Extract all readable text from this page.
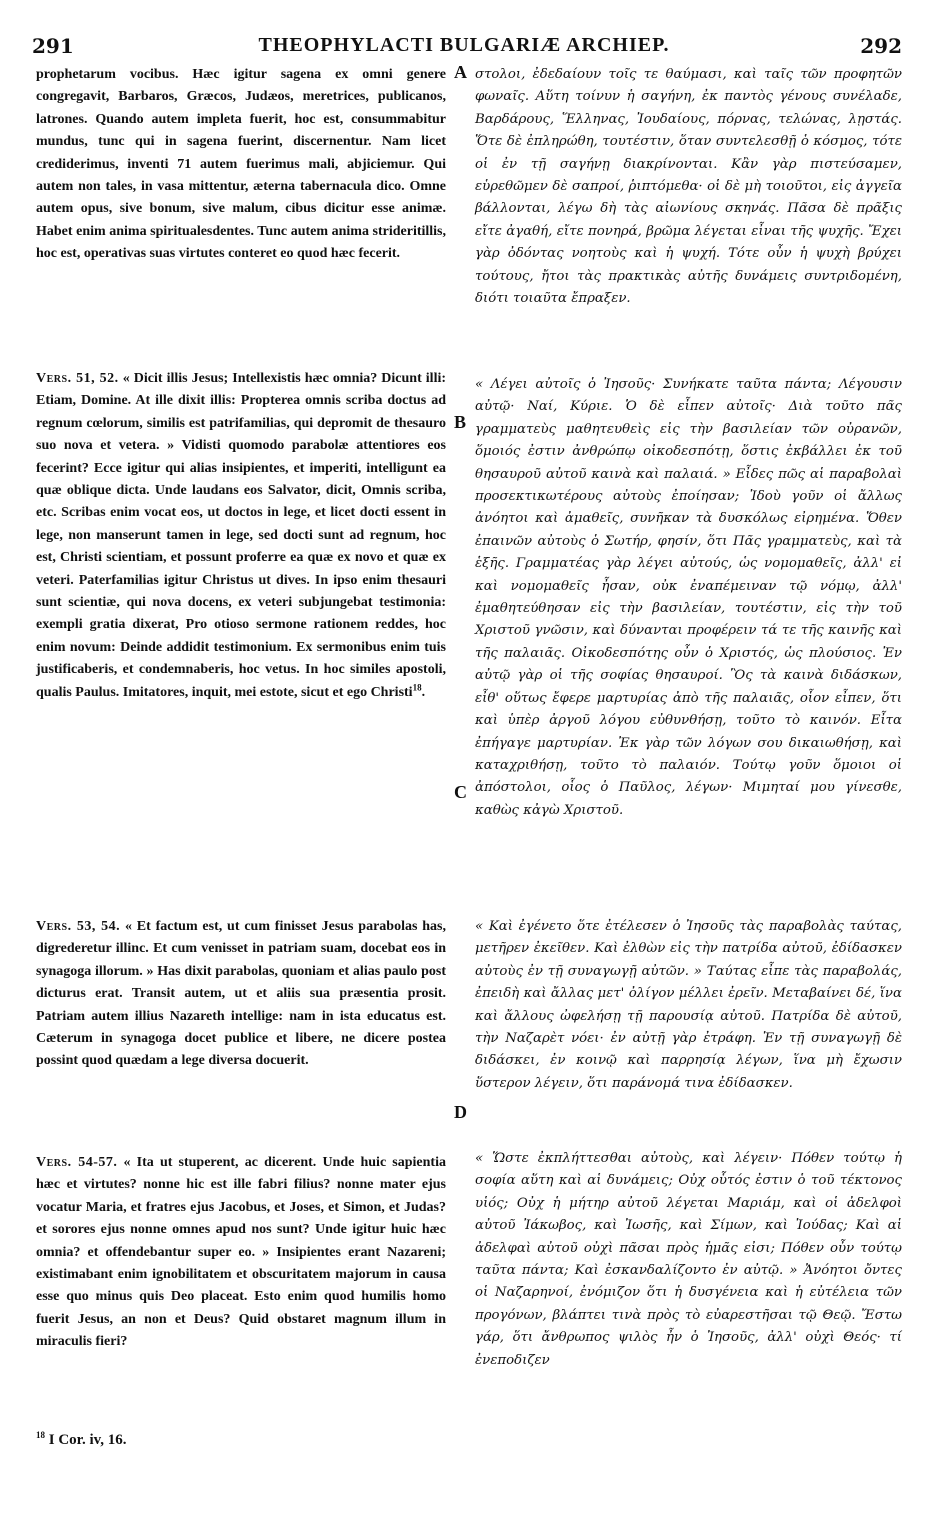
291	THEOPHYLACTI BULGARIÆ ARCHIEP.	292

prophetarum vocibus. Hæc igitur sagena ex omni genere congregavit, Barbaros, Græcos, Judæos, meretrices, publicanos, latrones. Quando autem impleta fuerit, hoc est, consummabitur mundus, tunc qui in sagena fuerint, discernentur. Nam licet crediderimus, inventi 71 autem fuerimus mali, abjiciemur. Qui autem non tales, in vasa mittentur, æterna tabernacula dico. Omne autem opus, sive bonum, sive malum, cibus dicitur esse animæ. Habet enim anima spiritualesdentes. Tunc autem anima strideritillis, hoc est, operativas suas virtutes conteret eo quod hæc fecerit.

Vers. 51, 52. « Dicit illis Jesus; Intellexistis hæc omnia? Dicunt illi: Etiam, Domine. At ille dixit illis: Propterea omnis scriba doctus ad regnum cœlorum, similis est patrifamilias, qui depromit de thesauro suo nova et vetera. » Vidisti quomodo parabolæ attentiores eos fecerint? Ecce igitur qui alias insipientes, et imperiti, intelligunt ea quæ oblique dicta. Unde laudans eos Salvator, dicit, Omnis scriba, etc. Scribas enim vocat eos, ut doctos in lege, et licet docti essent in lege, non manserunt tamen in lege, sed docti sunt ad regnum, hoc est, Christi scientiam, et possunt proferre ea quæ ex novo et quæ ex veteri. Paterfamilias igitur Christus ut dives. In ipso enim thesauri sunt scientiæ, qui nova docens, ex veteri subjungebat testimonia: exempli gratia dixerat, Pro otioso sermone rationem reddes, hoc enim novum: Deinde addidit testimonium. Ex sermonibus enim tuis justificaberis, et condemnaberis, hoc vetus. In hoc similes apostoli, qualis Paulus. Imitatores, inquit, mei estote, sicut et ego Christi$^{18}$.

Vers. 53, 54. « Et factum est, ut cum finisset Jesus parabolas has, digrederetur illinc. Et cum venisset in patriam suam, docebat eos in synagoga illorum. » Has dixit parabolas, quoniam et alias paulo post dicturus erat. Transit autem, ut et aliis sua præsentia prosit. Patriam autem illius Nazareth intellige: nam in ista educatus est. Cæterum in synagoga docet publice et libere, ne dicere postea possint quod quædam a lege diversa docuerit.

Vers. 54-57. « Ita ut stuperent, ac dicerent. Unde huic sapientia hæc et virtutes? nonne hic est ille fabri filius? nonne mater ejus vocatur Maria, et fratres ejus Jacobus, et Joses, et Simon, et Judas? et sorores ejus nonne omnes apud nos sunt? Unde igitur huic hæc omnia? et offendebantur super eo. » Insipientes erant Nazareni; existimabant enim ignobilitatem et obscuritatem majorum in causa esse quo minus quis Deo placeat. Esto enim quod humilis homo fuerit Jesus, an non et Deus? Quid obstaret magnum illum in miraculis fieri?

A
B
C
D

στολοι, ἐδεδαίουν τοῖς τε θαύμασι, καὶ ταῖς τῶν προφητῶν φωναῖς. Αὕτη τοίνυν ἡ σαγήνη, ἐκ παντὸς γένους συνέλαδε, Βαρδάρους, Ἕλληνας, Ἰουδαίους, πόρνας, τελώνας, λῃστάς. Ὅτε δὲ ἐπληρώθη, τουτέστιν, ὅταν συντελεσθῇ ὁ κόσμος, τότε οἱ ἐν τῇ σαγήνῃ διακρίνονται. Κἂν γὰρ πιστεύσαμεν, εὑρεθῶμεν δὲ σαπροί, ῥιπτόμεθα· οἱ δὲ μὴ τοιοῦτοι, εἰς ἀγγεῖα βάλλονται, λέγω δὴ τὰς αἰωνίους σκηνάς. Πᾶσα δὲ πρᾶξις εἴτε ἀγαθή, εἴτε πονηρά, βρῶμα λέγεται εἶναι τῆς ψυχῆς. Ἔχει γὰρ ὀδόντας νοητοὺς καὶ ἡ ψυχή. Τότε οὖν ἡ ψυχὴ βρύχει τούτους, ἤτοι τὰς πρακτικὰς αὐτῆς δυνάμεις συντριδομένη, διότι τοιαῦτα ἔπραξεν.

« Λέγει αὐτοῖς ὁ Ἰησοῦς· Συνήκατε ταῦτα πάντα; Λέγουσιν αὐτῷ· Ναί, Κύριε. Ὁ δὲ εἶπεν αὐτοῖς· Διὰ τοῦτο πᾶς γραμματεὺς μαθητευθεὶς εἰς τὴν βασιλείαν τῶν οὐρανῶν, ὅμοιός ἐστιν ἀνθρώπῳ οἰκοδεσπότῃ, ὅστις ἐκβάλλει ἐκ τοῦ θησαυροῦ αὐτοῦ καινὰ καὶ παλαιά. » Εἶδες πῶς αἱ παραβολαὶ προσεκτικωτέρους αὐτοὺς ἐποίησαν; Ἰδοὺ γοῦν οἱ ἄλλως ἀνόητοι καὶ ἀμαθεῖς, συνῆκαν τὰ δυσκόλως εἰρημένα. Ὅθεν ἐπαινῶν αὐτοὺς ὁ Σωτήρ, φησίν, ὅτι Πᾶς γραμματεὺς, καὶ τὰ ἑξῆς. Γραμματέας γὰρ λέγει αὐτούς, ὡς νομομαθεῖς, ἀλλ' εἰ καὶ νομομαθεῖς ἦσαν, οὐκ ἐναπέμειναν τῷ νόμῳ, ἀλλ' ἐμαθητεύθησαν εἰς τὴν βασιλείαν, τουτέστιν, εἰς τὴν τοῦ Χριστοῦ γνῶσιν, καὶ δύνανται προφέρειν τά τε τῆς καινῆς καὶ τῆς παλαιᾶς. Οἰκοδεσπότης οὖν ὁ Χριστός, ὡς πλούσιος. Ἐν αὐτῷ γὰρ οἱ τῆς σοφίας θησαυροί. Ὃς τὰ καινὰ διδάσκων, εἶθ' οὕτως ἔφερε μαρτυρίας ἀπὸ τῆς παλαιᾶς, οἷον εἶπεν, ὅτι καὶ ὑπὲρ ἀργοῦ λόγου εὐθυνθήσῃ, τοῦτο τὸ καινόν. Εἶτα ἐπήγαγε μαρτυρίαν. Ἐκ γὰρ τῶν λόγων σου δικαιωθήσῃ, καὶ καταχριθήσῃ, τοῦτο τὸ παλαιόν. Τούτῳ γοῦν ὅμοιοι οἱ ἀπόστολοι, οἷος ὁ Παῦλος, λέγων· Μιμηταί μου γίνεσθε, καθὼς κἀγὼ Χριστοῦ.

« Καὶ ἐγένετο ὅτε ἐτέλεσεν ὁ Ἰησοῦς τὰς παραβολὰς ταύτας, μετῆρεν ἐκεῖθεν. Καὶ ἐλθὼν εἰς τὴν πατρίδα αὐτοῦ, ἐδίδασκεν αὐτοὺς ἐν τῇ συναγωγῇ αὐτῶν. » Ταύτας εἶπε τὰς παραβολάς, ἐπειδὴ καὶ ἄλλας μετ' ὀλίγον μέλλει ἐρεῖν. Μεταβαίνει δέ, ἵνα καὶ ἄλλους ὠφελήσῃ τῇ παρουσίᾳ αὐτοῦ. Πατρίδα δὲ αὐτοῦ, τὴν Ναζαρὲτ νόει· ἐν αὐτῇ γὰρ ἐτράφη. Ἐν τῇ συναγωγῇ δὲ διδάσκει, ἐν κοινῷ καὶ παρρησίᾳ λέγων, ἵνα μὴ ἔχωσιν ὕστερον λέγειν, ὅτι παράνομά τινα ἐδίδασκεν.

« Ὥστε ἐκπλήττεσθαι αὐτοὺς, καὶ λέγειν· Πόθεν τούτῳ ἡ σοφία αὕτη καὶ αἱ δυνάμεις; Οὐχ οὗτός ἐστιν ὁ τοῦ τέκτονος υἱός; Οὐχ ἡ μήτηρ αὐτοῦ λέγεται Μαριάμ, καὶ οἱ ἀδελφοὶ αὐτοῦ Ἰάκωβος, καὶ Ἰωσῆς, καὶ Σίμων, καὶ Ἰούδας; Καὶ αἱ ἀδελφαὶ αὐτοῦ οὐχὶ πᾶσαι πρὸς ἡμᾶς εἰσι; Πόθεν οὖν τούτῳ ταῦτα πάντα; Καὶ ἐσκανδαλίζοντο ἐν αὐτῷ. » Ἀνόητοι ὄντες οἱ Ναζαρηνοί, ἐνόμιζον ὅτι ἡ δυσγένεια καὶ ἡ εὐτέλεια τῶν προγόνων, βλάπτει τινὰ πρὸς τὸ εὐαρεστῆσαι τῷ Θεῷ. Ἔστω γάρ, ὅτι ἄνθρωπος ψιλὸς ἦν ὁ Ἰησοῦς, ἀλλ' οὐχὶ Θεός· τί ἐνεποδιζεν

$^{18}$ I Cor. iv, 16.
